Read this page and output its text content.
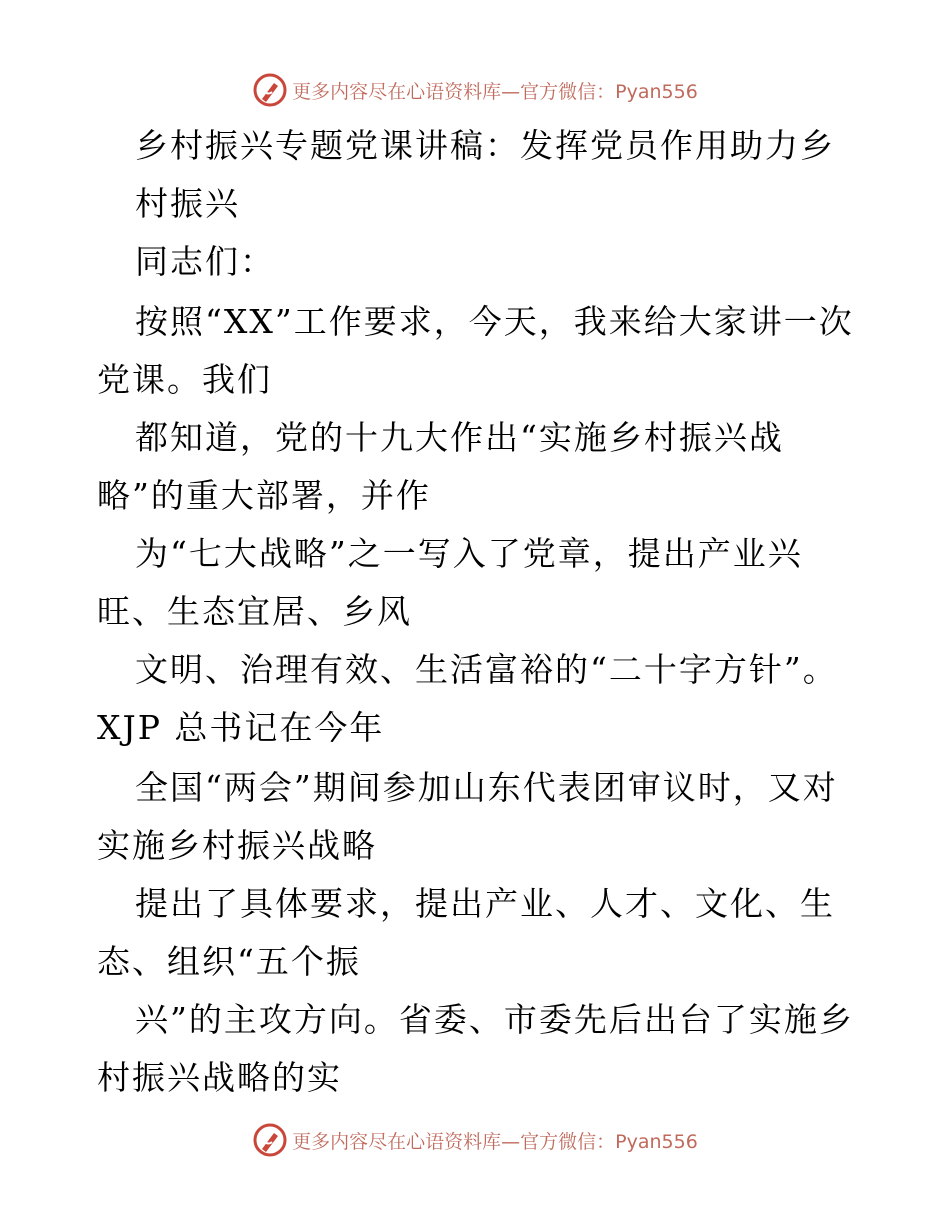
更多内容尽在心语资料库—官方微信：Pyan556
乡村振兴专题党课讲稿：发挥党员作用助力乡
村振兴
同志们：
按照“XX”工作要求，今天，我来给大家讲一次
党课。我们
都知道，党的十九大作出“实施乡村振兴战
略”的重大部署，并作
为“七大战略”之一写入了党章，提出产业兴
旺、生态宜居、乡风
文明、治理有效、生活富裕的“二十字方针”。
XJP 总书记在今年
全国“两会”期间参加山东代表团审议时，又对
实施乡村振兴战略
提出了具体要求，提出产业、人才、文化、生
态、组织“五个振
兴”的主攻方向。省委、市委先后出台了实施乡
村振兴战略的实
更多内容尽在心语资料库—官方微信：Pyan556
